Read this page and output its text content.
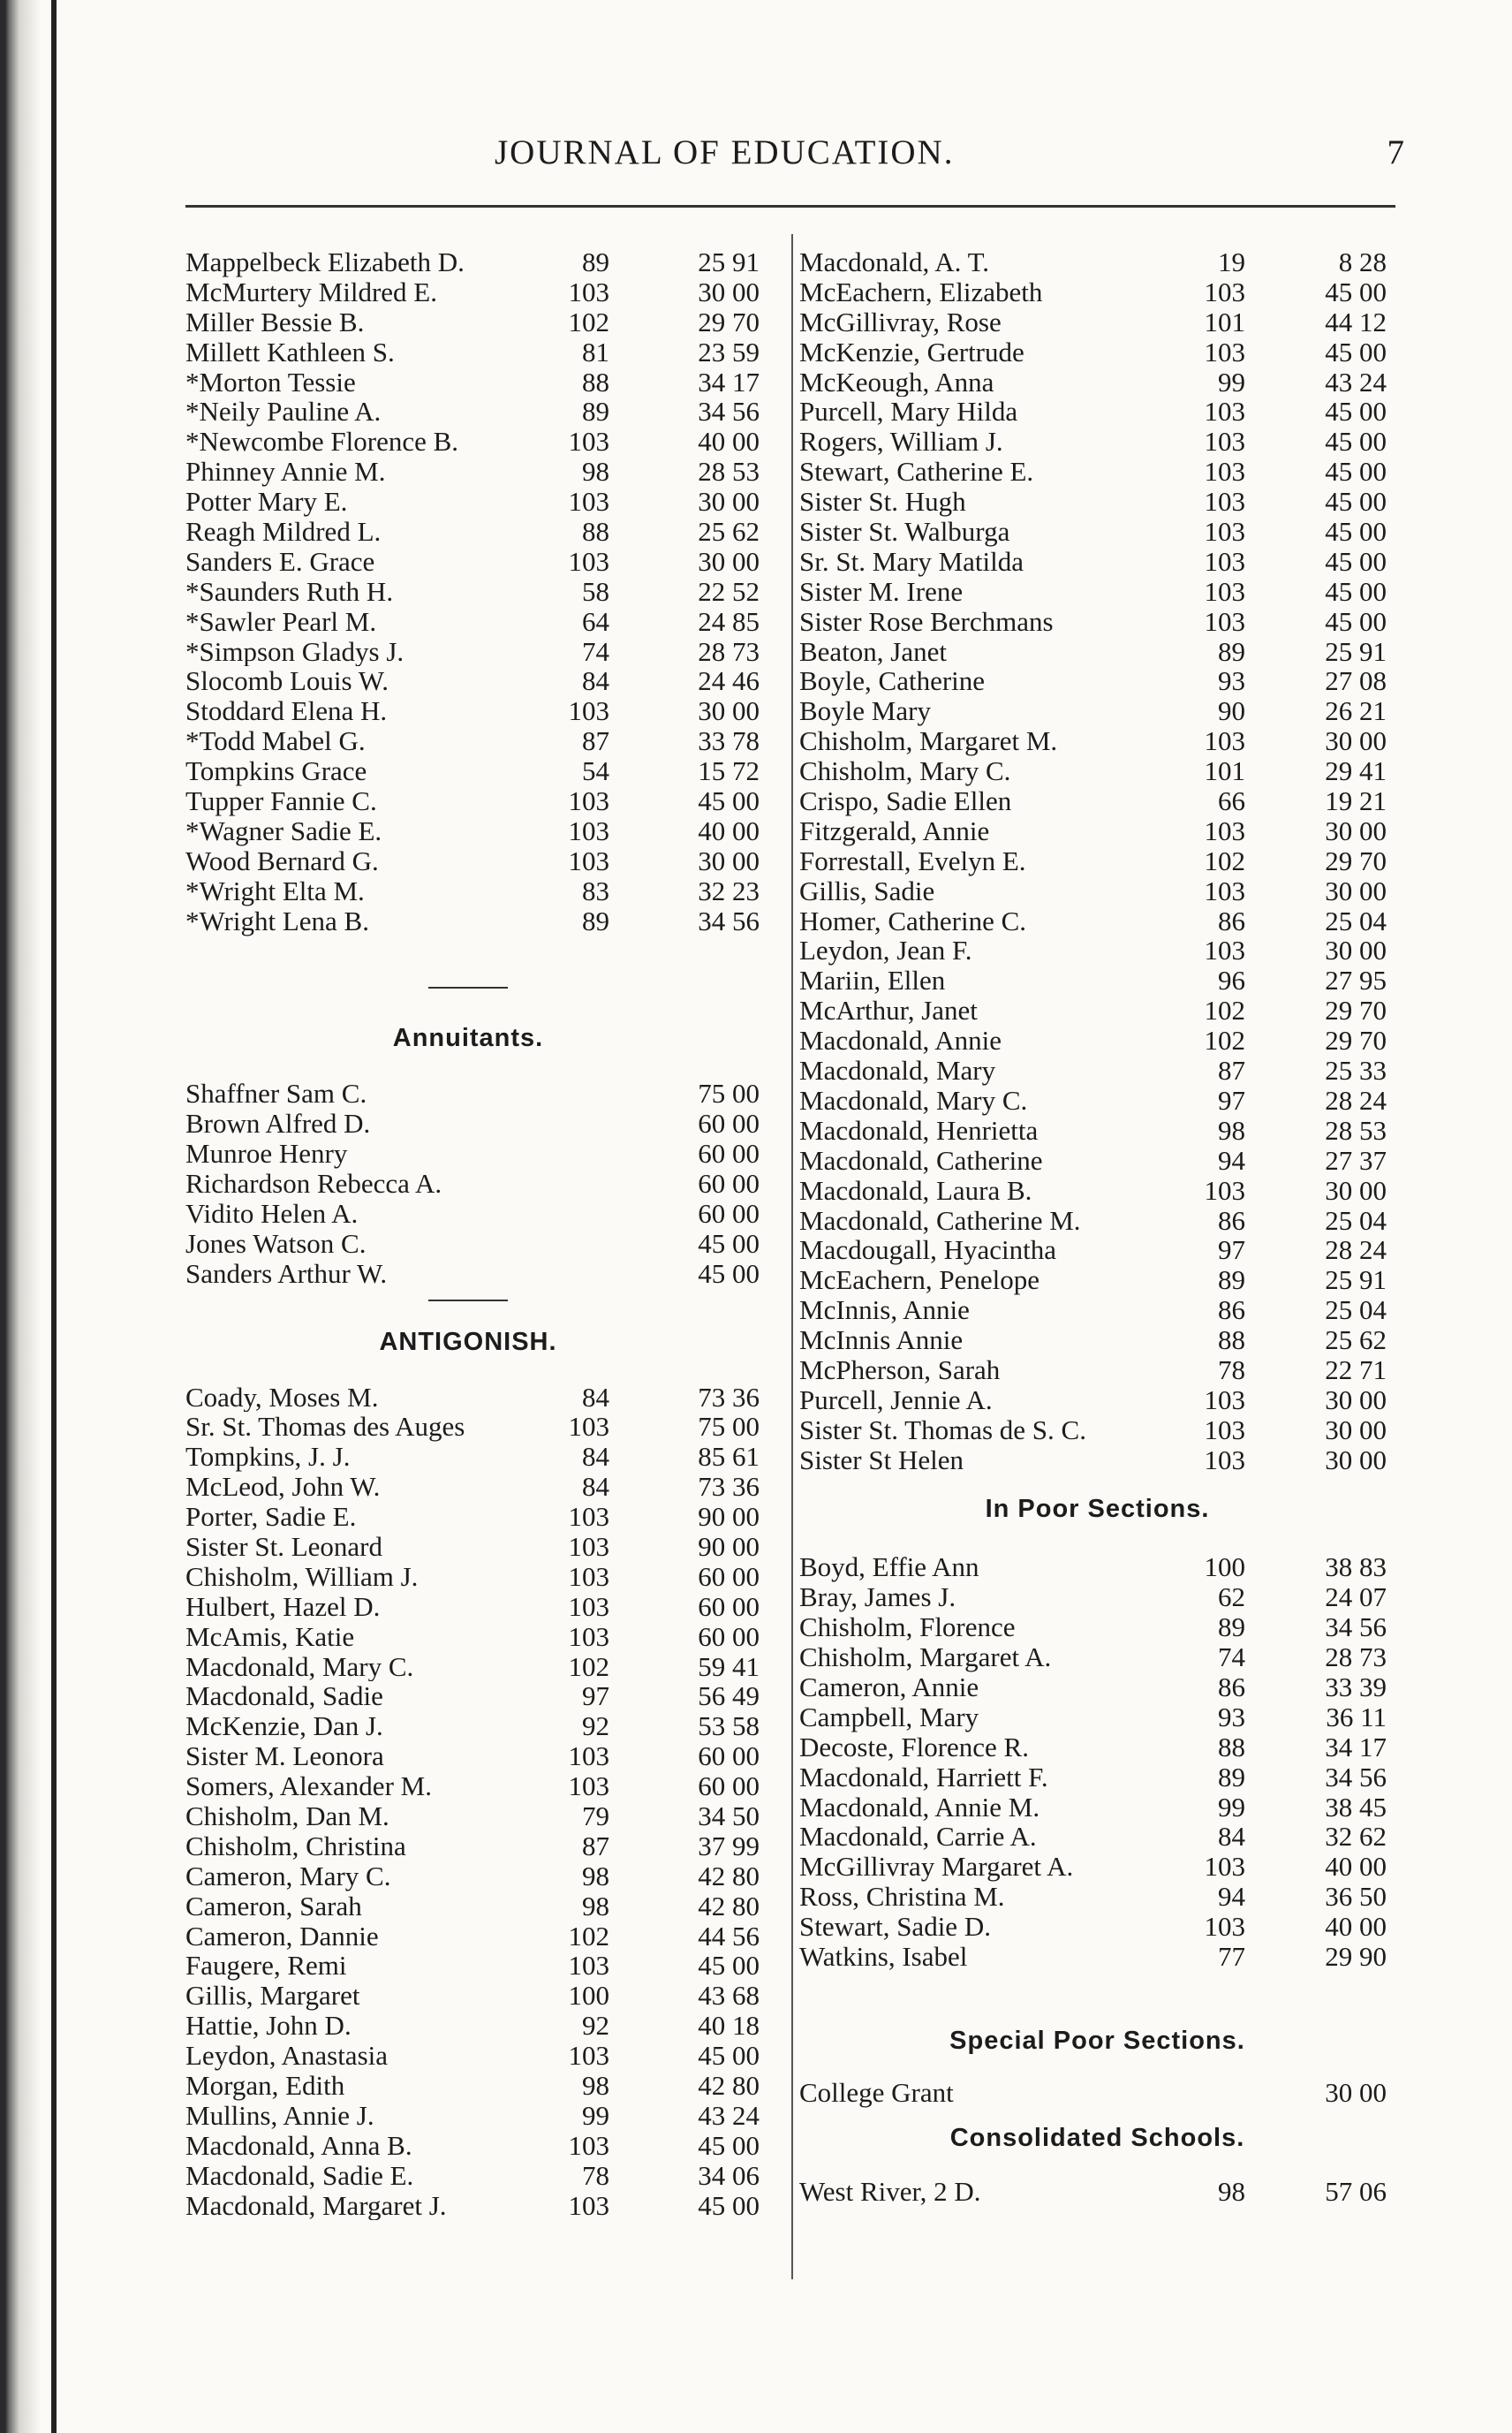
JOURNAL OF EDUCATION.	7
Mappelbeck Elizabeth D.	89	25 91
McMurtery Mildred E.	103	30 00
Miller Bessie B.	102	29 70
Millett Kathleen S.	81	23 59
*Morton Tessie	88	34 17
*Neily Pauline A.	89	34 56
*Newcombe Florence B.	103	40 00
Phinney Annie M.	98	28 53
Potter Mary E.	103	30 00
Reagh Mildred L.	88	25 62
Sanders E. Grace	103	30 00
*Saunders Ruth H.	58	22 52
*Sawler Pearl M.	64	24 85
*Simpson Gladys J.	74	28 73
Slocomb Louis W.	84	24 46
Stoddard Elena H.	103	30 00
*Todd Mabel G.	87	33 78
Tompkins Grace	54	15 72
Tupper Fannie C.	103	45 00
*Wagner Sadie E.	103	40 00
Wood Bernard G.	103	30 00
*Wright Elta M.	83	32 23
*Wright Lena B.	89	34 56
Annuitants.
Shaffner Sam C.	75 00
Brown Alfred D.	60 00
Munroe Henry	60 00
Richardson Rebecca A.	60 00
Vidito Helen A.	60 00
Jones Watson C.	45 00
Sanders Arthur W.	45 00
ANTIGONISH.
Coady, Moses M.	84	73 36
Sr. St. Thomas des Auges	103	75 00
Tompkins, J. J.	84	85 61
McLeod, John W.	84	73 36
Porter, Sadie E.	103	90 00
Sister St. Leonard	103	90 00
Chisholm, William J.	103	60 00
Hulbert, Hazel D.	103	60 00
McAmis, Katie	103	60 00
Macdonald, Mary C.	102	59 41
Macdonald, Sadie	97	56 49
McKenzie, Dan J.	92	53 58
Sister M. Leonora	103	60 00
Somers, Alexander M.	103	60 00
Chisholm, Dan M.	79	34 50
Chisholm, Christina	87	37 99
Cameron, Mary C.	98	42 80
Cameron, Sarah	98	42 80
Cameron, Dannie	102	44 56
Faugere, Remi	103	45 00
Gillis, Margaret	100	43 68
Hattie, John D.	92	40 18
Leydon, Anastasia	103	45 00
Morgan, Edith	98	42 80
Mullins, Annie J.	99	43 24
Macdonald, Anna B.	103	45 00
Macdonald, Sadie E.	78	34 06
Macdonald, Margaret J.	103	45 00
Macdonald, A. T.	19	8 28
McEachern, Elizabeth	103	45 00
McGillivray, Rose	101	44 12
McKenzie, Gertrude	103	45 00
McKeough, Anna	99	43 24
Purcell, Mary Hilda	103	45 00
Rogers, William J.	103	45 00
Stewart, Catherine E.	103	45 00
Sister St. Hugh	103	45 00
Sister St. Walburga	103	45 00
Sr. St. Mary Matilda	103	45 00
Sister M. Irene	103	45 00
Sister Rose Berchmans	103	45 00
Beaton, Janet	89	25 91
Boyle, Catherine	93	27 08
Boyle Mary	90	26 21
Chisholm, Margaret M.	103	30 00
Chisholm, Mary C.	101	29 41
Crispo, Sadie Ellen	66	19 21
Fitzgerald, Annie	103	30 00
Forrestall, Evelyn E.	102	29 70
Gillis, Sadie	103	30 00
Homer, Catherine C.	86	25 04
Leydon, Jean F.	103	30 00
Mariin, Ellen	96	27 95
McArthur, Janet	102	29 70
Macdonald, Annie	102	29 70
Macdonald, Mary	87	25 33
Macdonald, Mary C.	97	28 24
Macdonald, Henrietta	98	28 53
Macdonald, Catherine	94	27 37
Macdonald, Laura B.	103	30 00
Macdonald, Catherine M.	86	25 04
Macdougall, Hyacintha	97	28 24
McEachern, Penelope	89	25 91
McInnis, Annie	86	25 04
McInnis Annie	88	25 62
McPherson, Sarah	78	22 71
Purcell, Jennie A.	103	30 00
Sister St. Thomas de S. C.	103	30 00
Sister St Helen	103	30 00
In Poor Sections.
Boyd, Effie Ann	100	38 83
Bray, James J.	62	24 07
Chisholm, Florence	89	34 56
Chisholm, Margaret A.	74	28 73
Cameron, Annie	86	33 39
Campbell, Mary	93	36 11
Decoste, Florence R.	88	34 17
Macdonald, Harriett F.	89	34 56
Macdonald, Annie M.	99	38 45
Macdonald, Carrie A.	84	32 62
McGillivray Margaret A.	103	40 00
Ross, Christina M.	94	36 50
Stewart, Sadie D.	103	40 00
Watkins, Isabel	77	29 90
Special Poor Sections.
College Grant	30 00
Consolidated Schools.
West River, 2 D.	98	57 06
